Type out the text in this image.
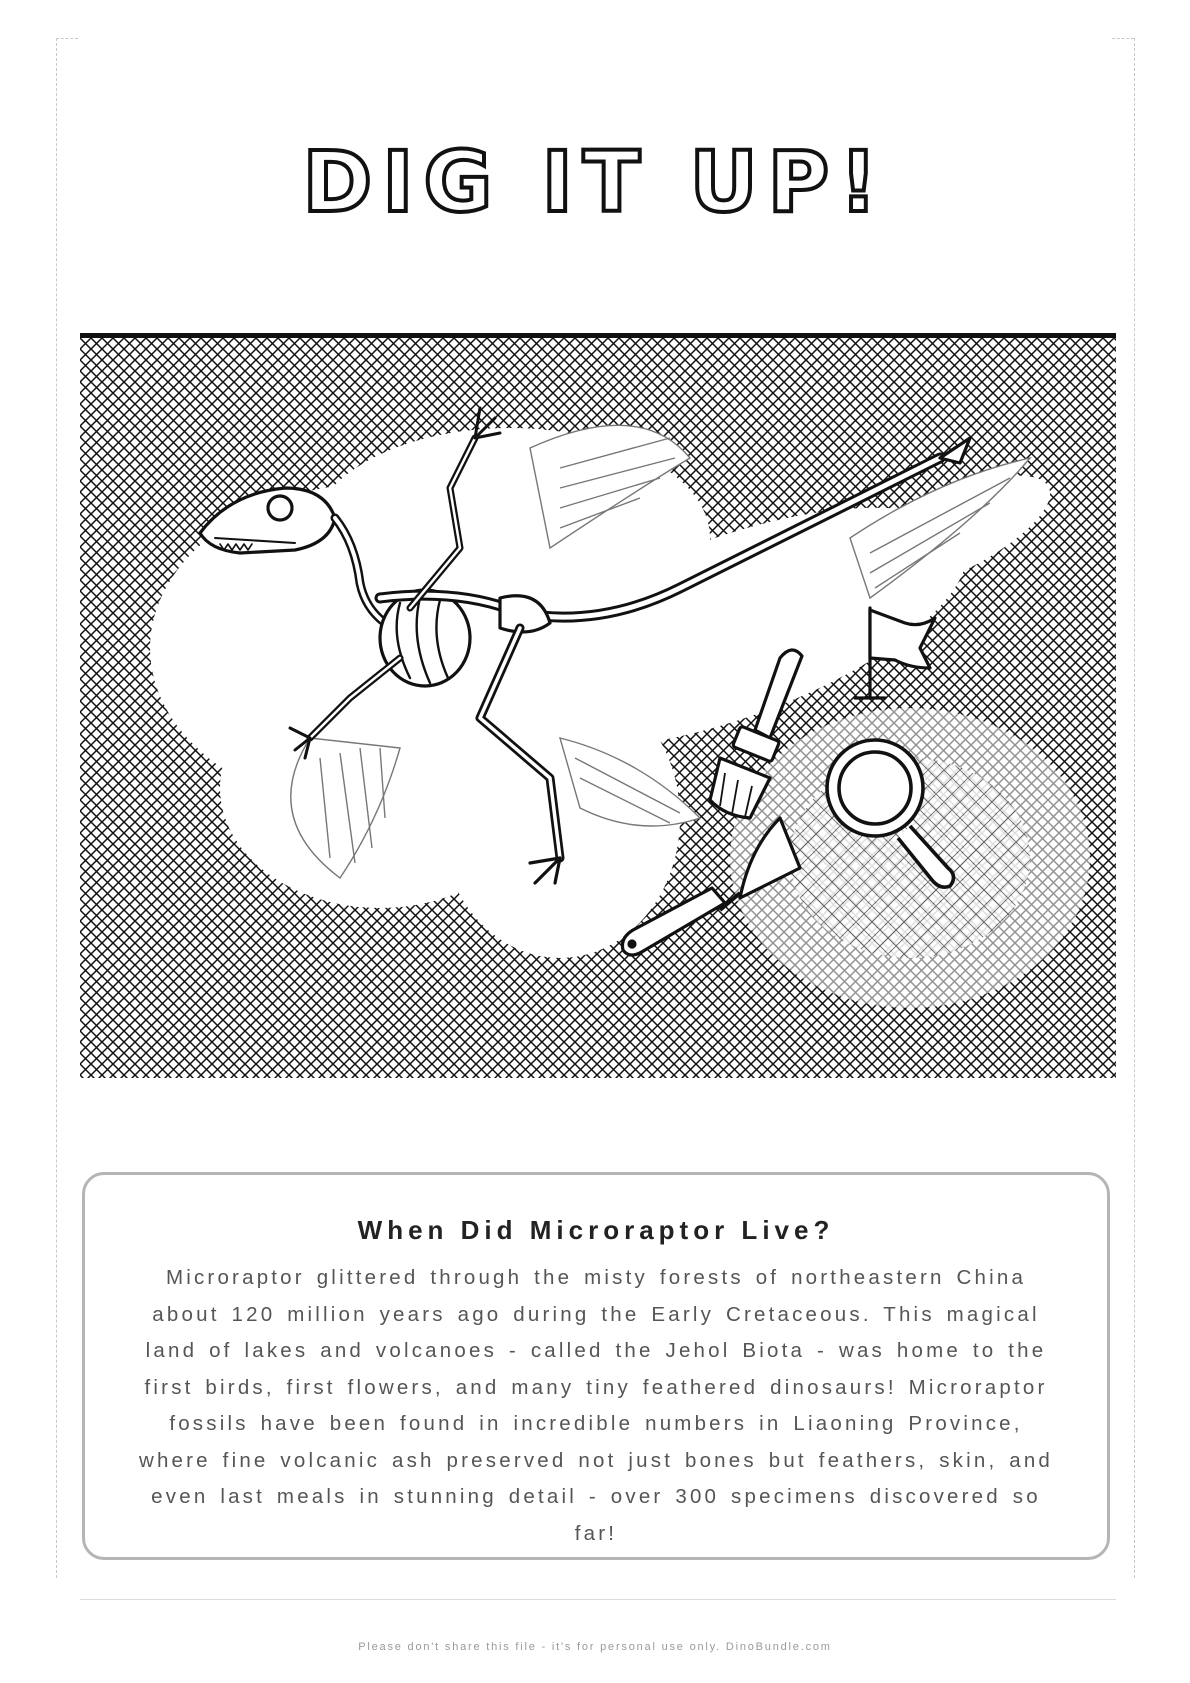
DIG IT UP!
When Did Microraptor Live?

Microraptor glittered through the misty forests of northeastern China about 120 million years ago during the Early Cretaceous. This magical land of lakes and volcanoes - called the Jehol Biota - was home to the first birds, first flowers, and many tiny feathered dinosaurs! Microraptor fossils have been found in incredible numbers in Liaoning Province, where fine volcanic ash preserved not just bones but feathers, skin, and even last meals in stunning detail - over 300 specimens discovered so far!

Please don't share this file - it's for personal use only. DinoBundle.com
